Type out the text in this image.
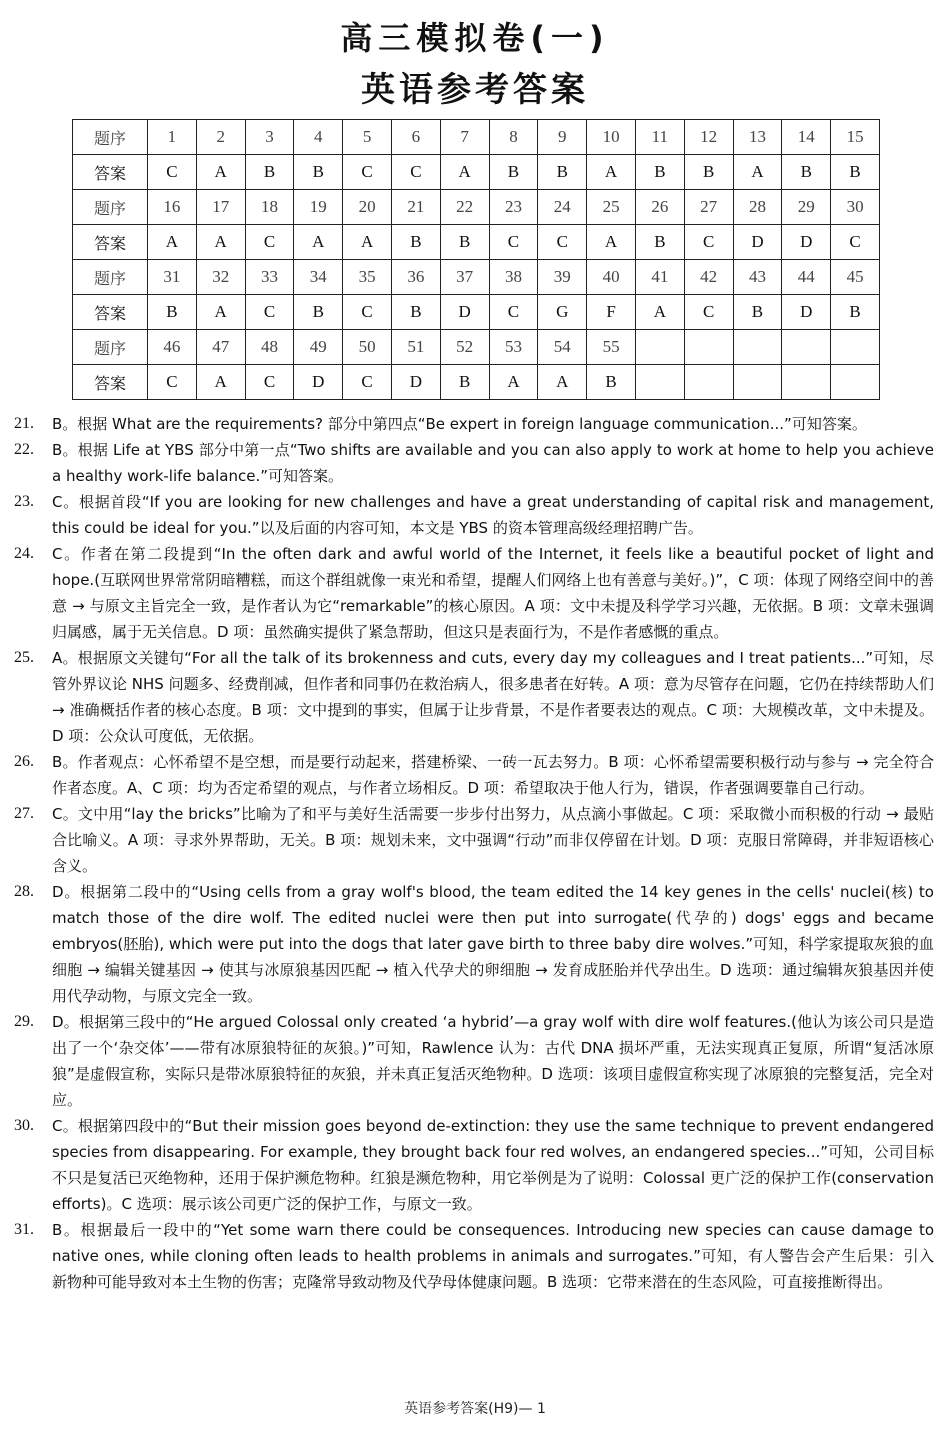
高三模拟卷(一)
英语参考答案
题序	1	2	3	4	5	6	7	8	9	10	11	12	13	14	15
答案	C	A	B	B	C	C	A	B	B	A	B	B	A	B	B
题序	16	17	18	19	20	21	22	23	24	25	26	27	28	29	30
答案	A	A	C	A	A	B	B	C	C	A	B	C	D	D	C
题序	31	32	33	34	35	36	37	38	39	40	41	42	43	44	45
答案	B	A	C	B	C	B	D	C	G	F	A	C	B	D	B
题序	46	47	48	49	50	51	52	53	54	55					
答案	C	A	C	D	C	D	B	A	A	B					
21.	B。根据 What are the requirements? 部分中第四点“Be expert in foreign language communication...”可知答案。
22.	B。根据 Life at YBS 部分中第一点“Two shifts are available and you can also apply to work at home to help you achieve a healthy work-life balance.”可知答案。
23.	C。根据首段“If you are looking for new challenges and have a great understanding of capital risk and management, this could be ideal for you.”以及后面的内容可知，本文是 YBS 的资本管理高级经理招聘广告。
24.	C。作者在第二段提到“In the often dark and awful world of the Internet, it feels like a beautiful pocket of light and hope.(互联网世界常常阴暗糟糕，而这个群组就像一束光和希望，提醒人们网络上也有善意与美好。)”，C 项：体现了网络空间中的善意 → 与原文主旨完全一致，是作者认为它“remarkable”的核心原因。A 项：文中未提及科学学习兴趣，无依据。B 项：文章未强调归属感，属于无关信息。D 项：虽然确实提供了紧急帮助，但这只是表面行为，不是作者感慨的重点。
25.	A。根据原文关键句“For all the talk of its brokenness and cuts, every day my colleagues and I treat patients...”可知，尽管外界议论 NHS 问题多、经费削减，但作者和同事仍在救治病人，很多患者在好转。A 项：意为尽管存在问题，它仍在持续帮助人们 → 准确概括作者的核心态度。B 项：文中提到的事实，但属于让步背景，不是作者要表达的观点。C 项：大规模改革，文中未提及。D 项：公众认可度低，无依据。
26.	B。作者观点：心怀希望不是空想，而是要行动起来，搭建桥梁、一砖一瓦去努力。B 项：心怀希望需要积极行动与参与 → 完全符合作者态度。A、C 项：均为否定希望的观点，与作者立场相反。D 项：希望取决于他人行为，错误，作者强调要靠自己行动。
27.	C。文中用“lay the bricks”比喻为了和平与美好生活需要一步步付出努力，从点滴小事做起。C 项：采取微小而积极的行动 → 最贴合比喻义。A 项：寻求外界帮助，无关。B 项：规划未来，文中强调“行动”而非仅停留在计划。D 项：克服日常障碍，并非短语核心含义。
28.	D。根据第二段中的“Using cells from a gray wolf's blood, the team edited the 14 key genes in the cells' nuclei(核) to match those of the dire wolf. The edited nuclei were then put into surrogate(代孕的) dogs' eggs and became embryos(胚胎), which were put into the dogs that later gave birth to three baby dire wolves.”可知，科学家提取灰狼的血细胞 → 编辑关键基因 → 使其与冰原狼基因匹配 → 植入代孕犬的卵细胞 → 发育成胚胎并代孕出生。D 选项：通过编辑灰狼基因并使用代孕动物，与原文完全一致。
29.	D。根据第三段中的“He argued Colossal only created ‘a hybrid’—a gray wolf with dire wolf features.(他认为该公司只是造出了一个‘杂交体’——带有冰原狼特征的灰狼。)”可知，Rawlence 认为：古代 DNA 损坏严重，无法实现真正复原，所谓“复活冰原狼”是虚假宣称，实际只是带冰原狼特征的灰狼，并未真正复活灭绝物种。D 选项：该项目虚假宣称实现了冰原狼的完整复活，完全对应。
30.	C。根据第四段中的“But their mission goes beyond de-extinction: they use the same technique to prevent endangered species from disappearing. For example, they brought back four red wolves, an endangered species...”可知，公司目标不只是复活已灭绝物种，还用于保护濒危物种。红狼是濒危物种，用它举例是为了说明：Colossal 更广泛的保护工作(conservation efforts)。C 选项：展示该公司更广泛的保护工作，与原文一致。
31.	B。根据最后一段中的“Yet some warn there could be consequences. Introducing new species can cause damage to native ones, while cloning often leads to health problems in animals and surrogates.”可知，有人警告会产生后果：引入新物种可能导致对本土生物的伤害；克隆常导致动物及代孕母体健康问题。B 选项：它带来潜在的生态风险，可直接推断得出。
英语参考答案(H9)— 1
